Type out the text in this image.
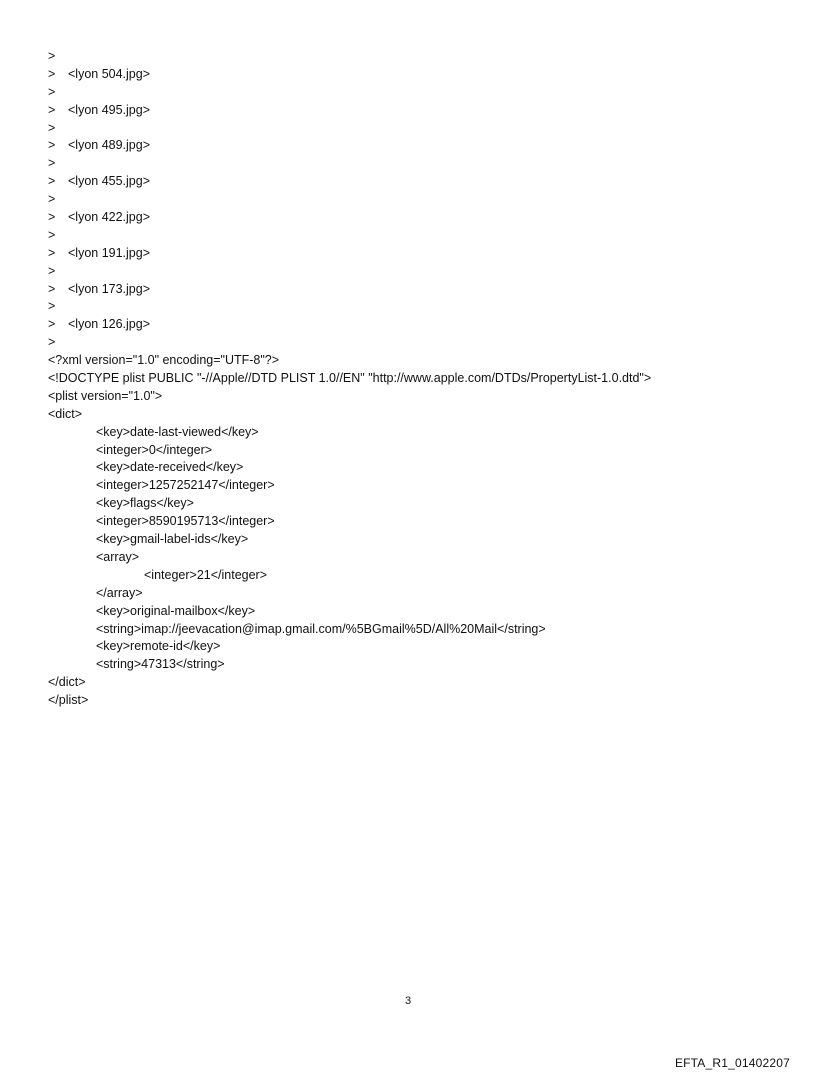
>
> <lyon 504.jpg>
>
> <lyon 495.jpg>
>
> <lyon 489.jpg>
>
> <lyon 455.jpg>
>
> <lyon 422.jpg>
>
> <lyon 191.jpg>
>
> <lyon 173.jpg>
>
> <lyon 126.jpg>
>
<?xml version="1.0" encoding="UTF-8"?>
<!DOCTYPE plist PUBLIC "-//Apple//DTD PLIST 1.0//EN" "http://www.apple.com/DTDs/PropertyList-1.0.dtd">
<plist version="1.0">
<dict>
<key>date-last-viewed</key>
<integer>0</integer>
<key>date-received</key>
<integer>1257252147</integer>
<key>flags</key>
<integer>8590195713</integer>
<key>gmail-label-ids</key>
<array>
<integer>21</integer>
</array>
<key>original-mailbox</key>
<string>imap://jeevacation@imap.gmail.com/%5BGmail%5D/All%20Mail</string>
<key>remote-id</key>
<string>47313</string>
</dict>
</plist>
3
EFTA_R1_01402207
